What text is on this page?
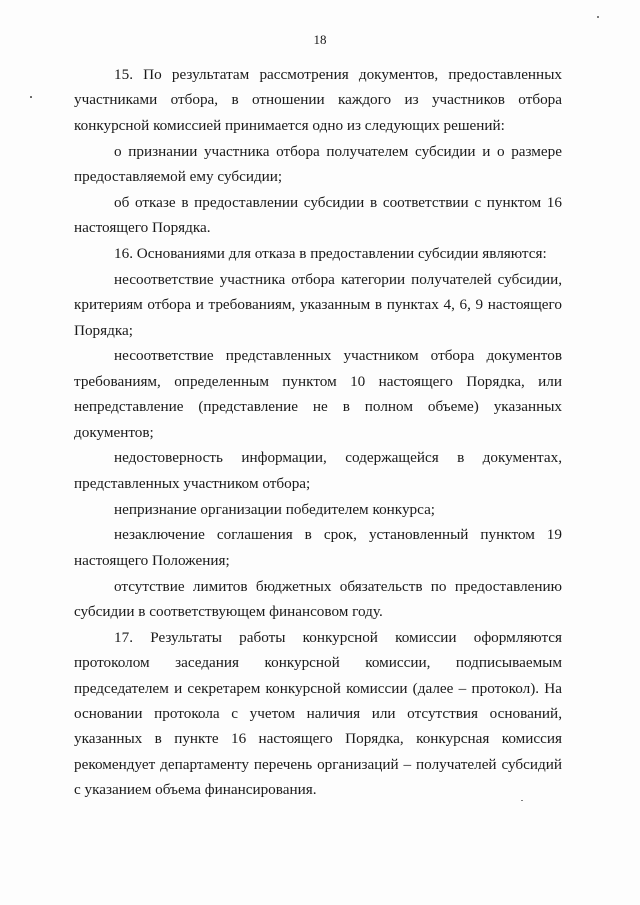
18

15. По результатам рассмотрения документов, предоставленных участниками отбора, в отношении каждого из участников отбора конкурсной комиссией принимается одно из следующих решений:

о признании участника отбора получателем субсидии и о размере предоставляемой ему субсидии;

об отказе в предоставлении субсидии в соответствии с пунктом 16 настоящего Порядка.

16. Основаниями для отказа в предоставлении субсидии являются:

несоответствие участника отбора категории получателей субсидии, критериям отбора и требованиям, указанным в пунктах 4, 6, 9 настоящего Порядка;

несоответствие представленных участником отбора документов требованиям, определенным пунктом 10 настоящего Порядка, или непредставление (представление не в полном объеме) указанных документов;

недостоверность информации, содержащейся в документах, представленных участником отбора;

непризнание организации победителем конкурса;

незаключение соглашения в срок, установленный пунктом 19 настоящего Положения;

отсутствие лимитов бюджетных обязательств по предоставлению субсидии в соответствующем финансовом году.

17. Результаты работы конкурсной комиссии оформляются протоколом заседания конкурсной комиссии, подписываемым председателем и секретарем конкурсной комиссии (далее – протокол). На основании протокола с учетом наличия или отсутствия оснований, указанных в пункте 16 настоящего Порядка, конкурсная комиссия рекомендует департаменту перечень организаций – получателей субсидий с указанием объема финансирования.
